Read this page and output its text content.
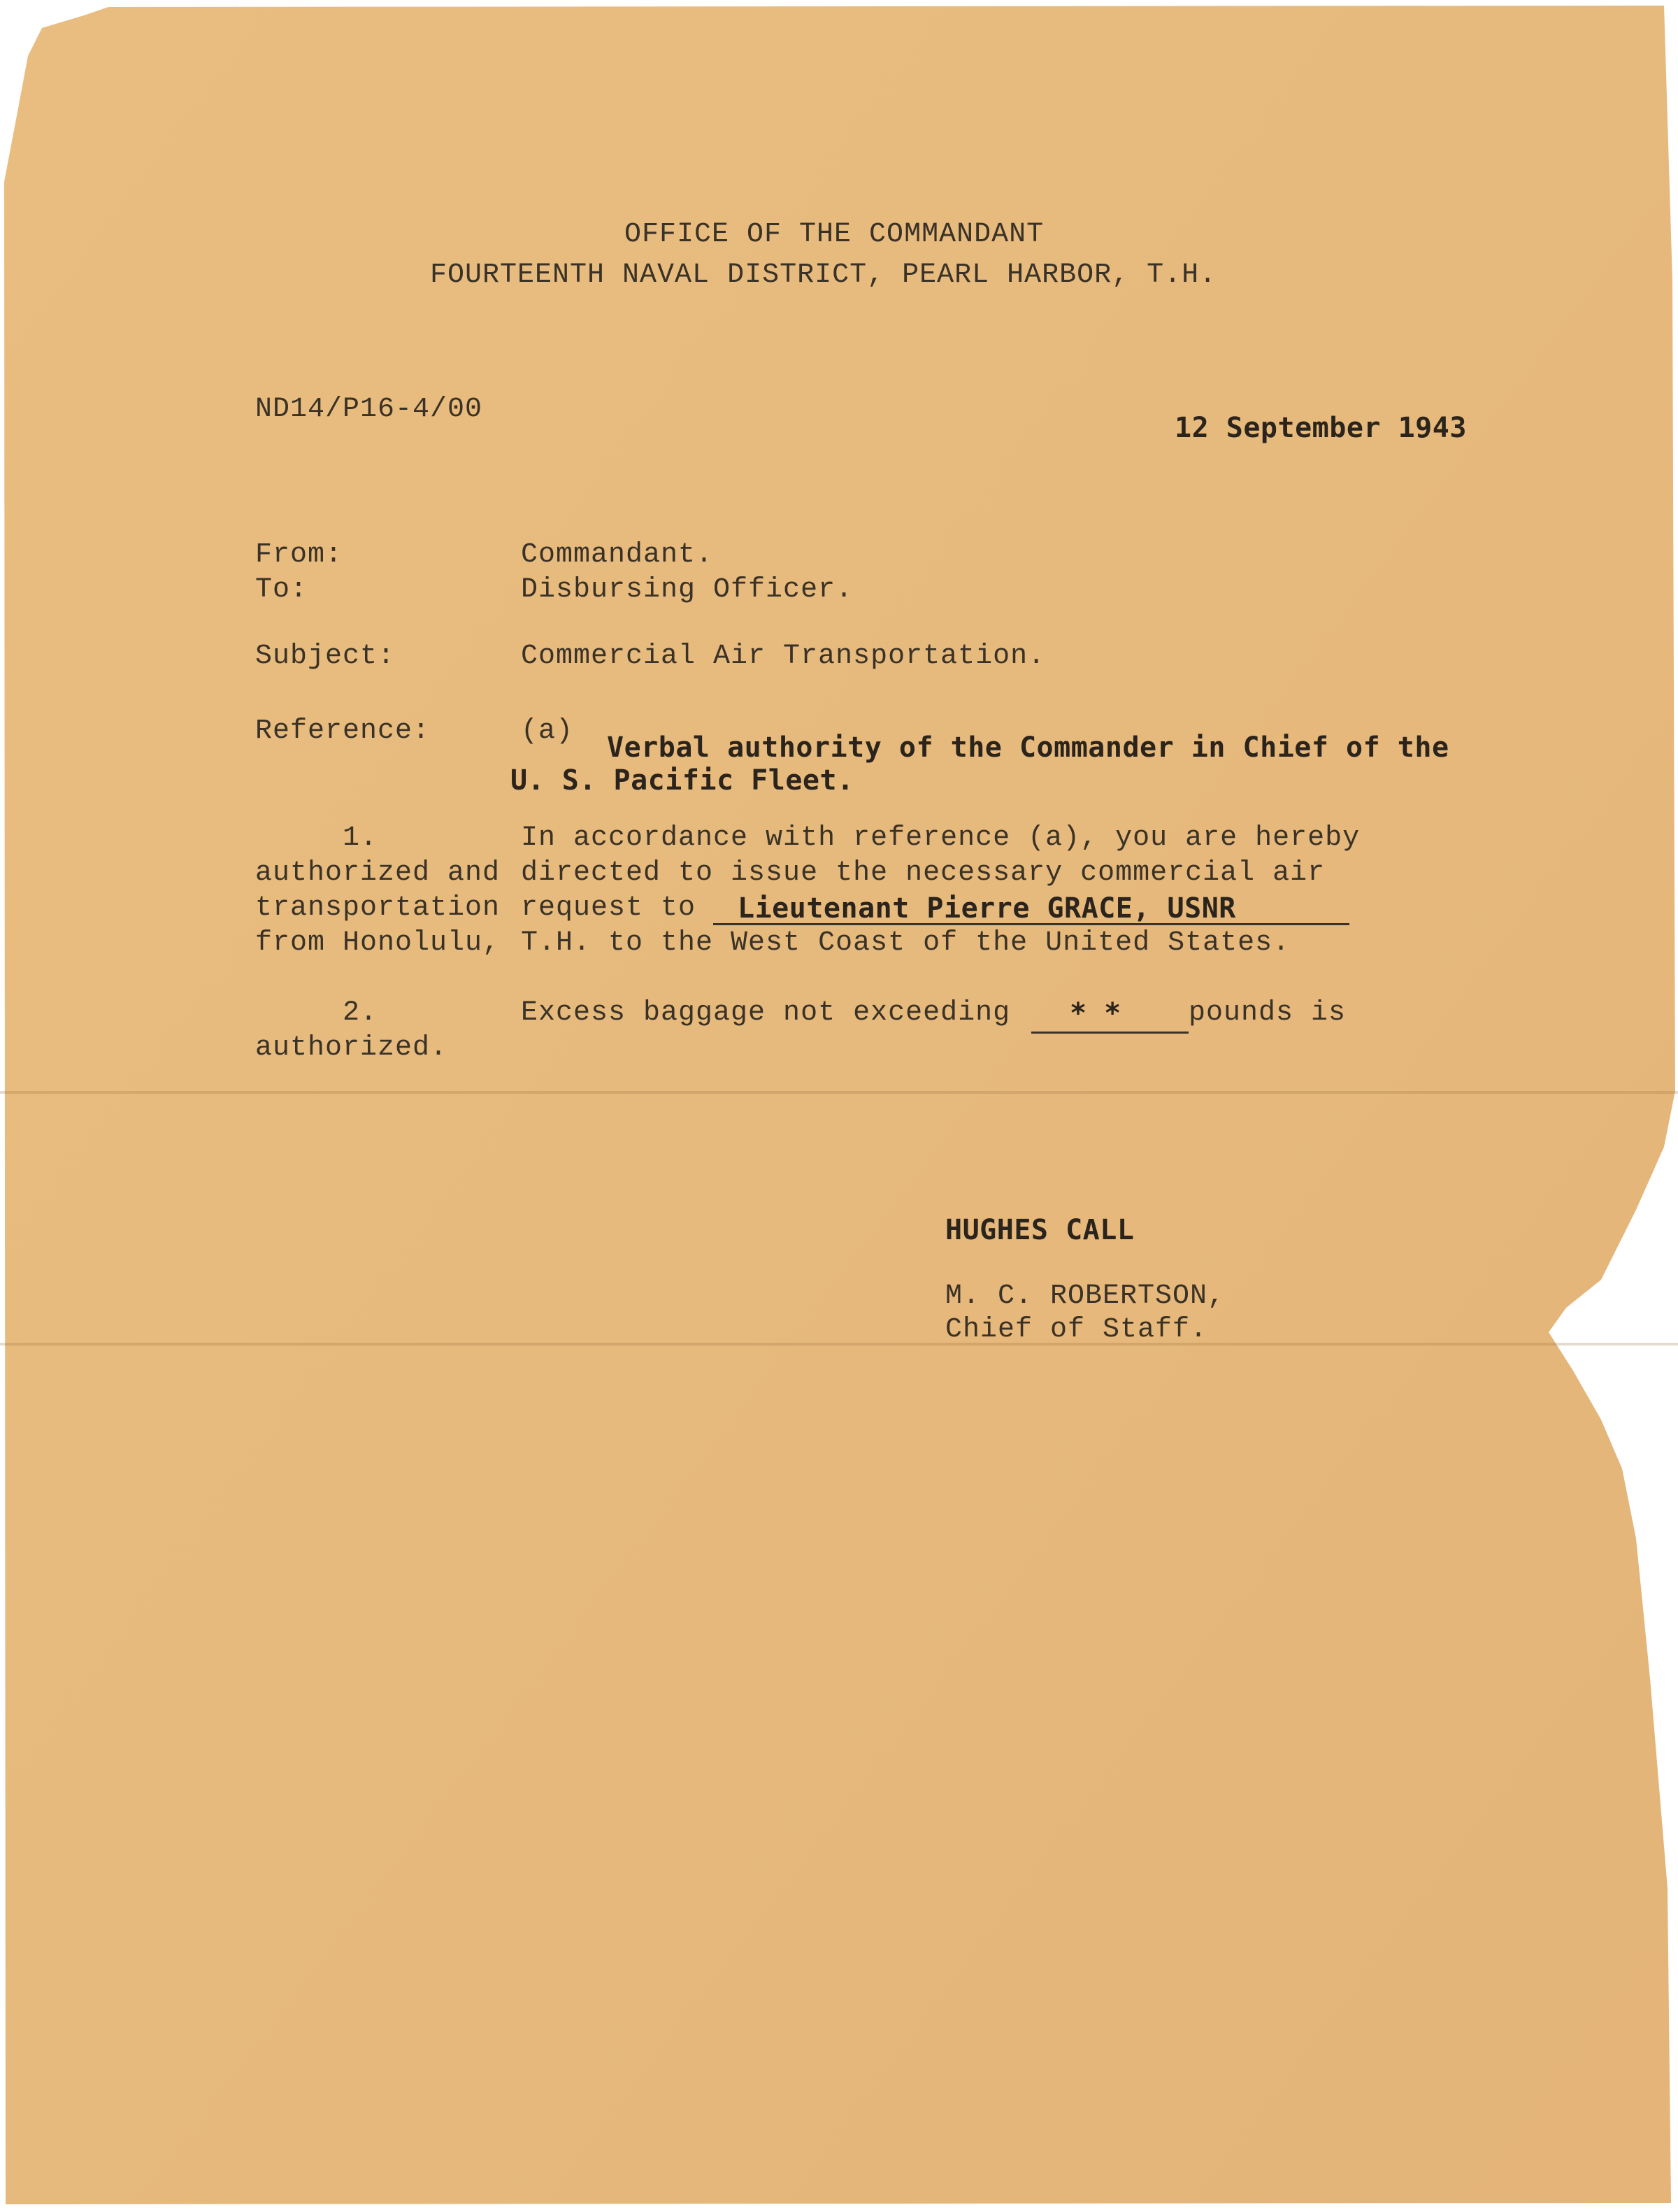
OFFICE OF THE COMMANDANT

FOURTEENTH NAVAL DISTRICT, PEARL HARBOR, T.H.

ND14/P16-4/00

12 September 1943

From:	Commandant.

To:	Disbursing Officer.

Subject:	Commercial Air Transportation.

Reference:	(a)

Verbal authority of the Commander in Chief of the

U. S. Pacific Fleet.

1.	In accordance with reference (a), you are hereby

authorized and directed to issue the necessary commercial air

transportation request to Lieutenant Pierre GRACE, USNR

from Honolulu, T.H. to the West Coast of the United States.

2.	Excess baggage not exceeding * * pounds is

authorized.

HUGHES CALL

M. C. ROBERTSON,

Chief of Staff.
